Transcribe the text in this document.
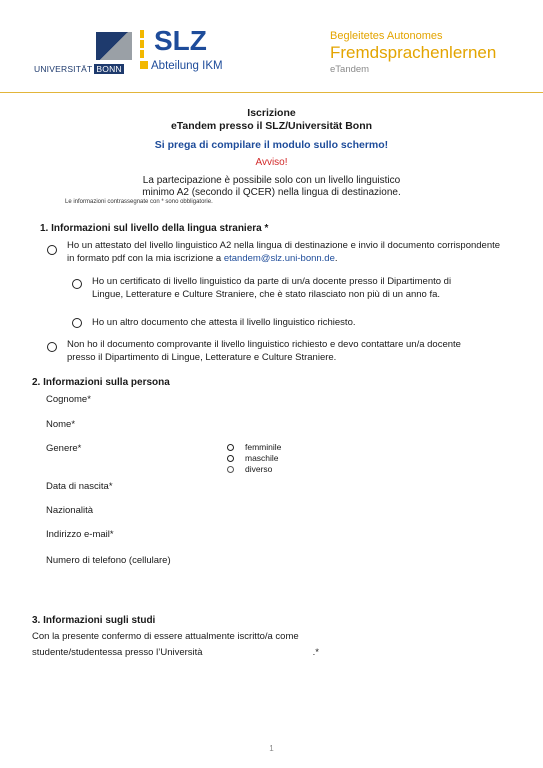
UNIVERSITÄT BONN
SLZ
Abteilung IKM
Begleitetes Autonomes
Fremdsprachenlernen
eTandem
Iscrizione
eTandem presso il SLZ/Universität Bonn
Si prega di compilare il modulo sullo schermo!
Avviso!
La partecipazione è possibile solo con un livello linguistico
minimo A2 (secondo il QCER) nella lingua di destinazione.
Le informazioni contrassegnate con * sono obbligatorie.
1. Informazioni sul livello della lingua straniera *
Ho un attestato del livello linguistico A2 nella lingua di destinazione e invio il documento corrispondente in formato pdf con la mia iscrizione a etandem@slz.uni-bonn.de.
Ho un certificato di livello linguistico da parte di un/a docente presso il Dipartimento di Lingue, Letterature e Culture Straniere, che è stato rilasciato non più di un anno fa.
Ho un altro documento che attesta il livello linguistico richiesto.
Non ho il documento comprovante il livello linguistico richiesto e devo contattare un/a docente presso il Dipartimento di Lingue, Letterature e Culture Straniere.
2. Informazioni sulla persona
Cognome*
Nome*
Genere*	femminile
maschile
diverso
Data di nascita*
Nazionalità
Indirizzo e-mail*
Numero di telefono (cellulare)
3. Informazioni sugli studi
Con la presente confermo di essere attualmente iscritto/a come
studente/studentessa presso l’Università	.*
1
